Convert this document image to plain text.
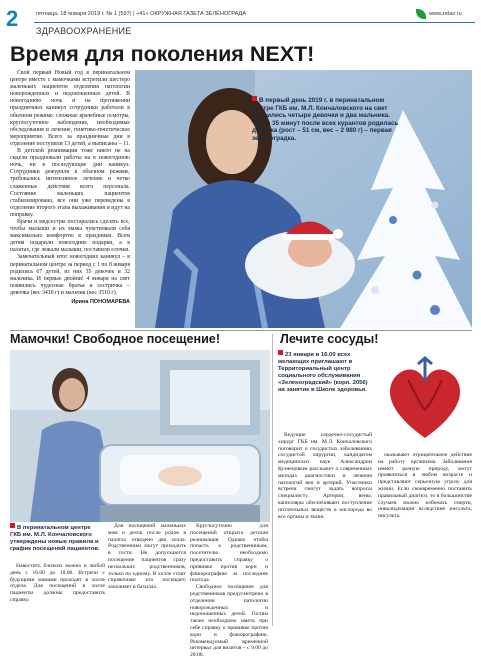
2	пятница, 18 января 2019 г. № 1 (597) | «41» ОКРУЖНАЯ ГАЗЕТА ЗЕЛЕНОГРАДА	www.zelao.ru
ЗДРАВООХРАНЕНИЕ
Время для поколения NEXT!

Свой первый Новый год в перинатальном центре вместе с мамочками встретили шестеро маленьких пациентов отделения патологии новорожденных и недоношенных детей. В новогоднюю ночь и на протяжении праздничных каникул сотрудники работали в обычном режиме: сложные врачебные осмотры, круглосуточное наблюдение, необходимые обследования и лечение, генетико-генетическое мероприятие. Всего за праздничные дни в отделение поступили 13 детей, а выписаны – 11.

В детской реанимации тоже никто не на сидели праздновали работы на в новогоднюю ночь, ни в последующие дни каникул. Сотрудники дежурили в обычном режиме, требовались интенсивное лечение и четко слаженные действия всего персонала. Состояние маленьких пациентов стабилизировано, все они уже переведены в отделение второго этапа выхаживания и идут на поправку.

Врачи и медсестры постарались сделать все, чтобы малыши и их мамы чувствовали себя максимально комфортно в праздники. Всем детям подарили новогодние подарки, а в палатах, где лежали малыши, поставили елочки.

Замечательный итог новогодних каникул – в перинатальном центре за период с 1 по 8 января родились 67 детей, из них 35 девочек и 32 мальчика. И первые двойни! 4 января на свет появились чудесные братья и сестричка – девочка (вес 3410 г) и мальчик (вес 3510 г).

Ирина ПОНОМАРЕВА

В первый день 2019 г. в перинатальном центре ГКБ им. М.Л. Кончаловского на свет появились четыре девочки и два мальчика. Через 35 минут после всех курантов родилась девочка (рост – 51 см, вес – 2 980 г) – первая зеленоградка.

Мамочки! Свободное посещение!

В перинатальном центре ГКБ им. М.Л. Кончаловского утверждены новые правила и график посещений пациентов.

Навестить близких можно в любой день с 16.00 до 18.00. Встречи с будущими мамами проходят в холле отдела. Для посещений в холле пациенты должны предоставить справку.

Для посещений маленьких мам и деток после родов в палатах отведено два холла. Родственники могут приходить в гости. Не допускаются посещение пациентов сразу нескольких родственников, только по одному. В холле стоит справочная: кто посещает, заполняет в бахилах.

Круглосуточно для посещений открыта детская реанимация. Однако чтобы попасть к родственникам, посетителю необходимо предоставить справку о прививке против кори и флюорографию за последние полгода.

Свободное посещение для родственников предусмотрено в отделении патологии новорожденных и недоношенных детей. Гостям также необходимо иметь при себе справку о прививке против кори и флюорографию. Рекомендуемый временной интервал для визитов – с 9.00 до 20.00.

Лечите сосуды!

23 января в 16.00 всех желающих приглашают в Территориальный центр социального обслуживания «Зеленоградский» (корп. 2056) на занятие в Школе здоровья.

Ведущие сердечно-сосудистый хирург ГКБ им. М.Л. Кончаловского поговорит о сосудистых заболеваниях сосудистой хирургии, кандидатом медицинских наук Александром Кузнецовым расскажет о современных методах диагностики и лечения патологий вен и артерий. Участники встречи смогут задать вопросы специалисту. Артерии, вены, капилляры обеспечивают поступление питательных веществ и кислорода во все органы и ткани.

оказывают отрицательное действие на работу организма. Заболевания имеют разную природу, могут проявляться в любом возрасте и представляют серьезную угрозу для жизни. Если своевременно поставить правильный диагноз, то в большинстве случаев можно избежать смерти, инвалидизации вследствие инсульта, инсульта.
